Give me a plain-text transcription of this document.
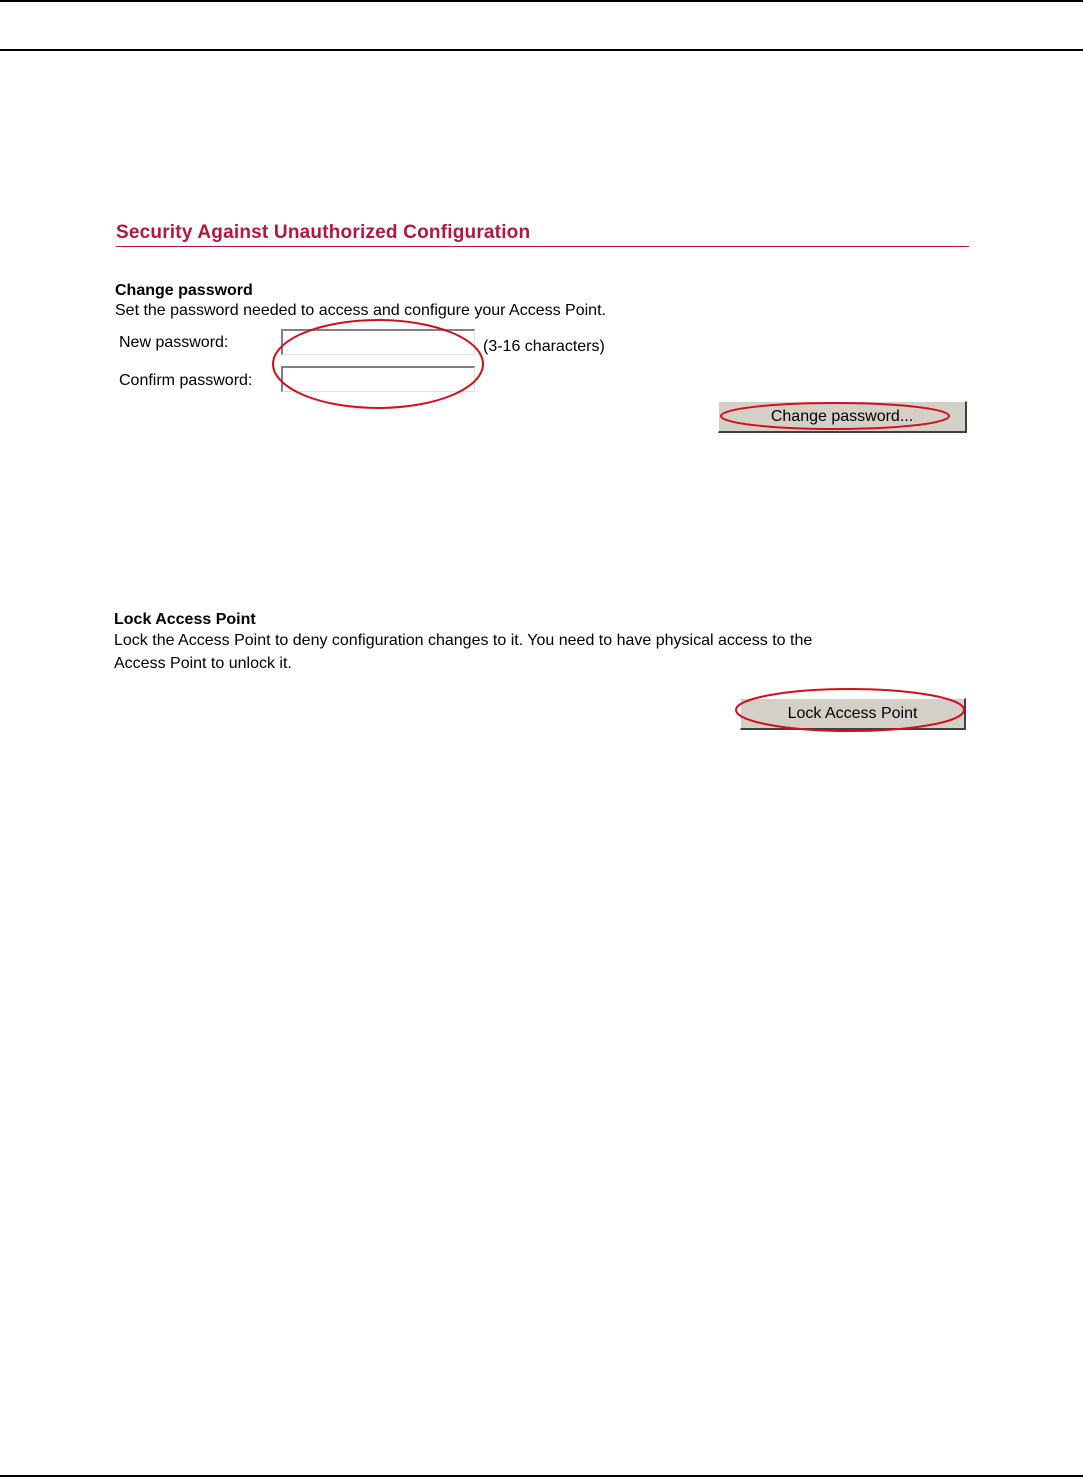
Security Against Unauthorized Configuration
Change password
Set the password needed to access and configure your Access Point.
New password:	(3-16 characters)
Confirm password:
Change password...
Lock Access Point
Lock the Access Point to deny configuration changes to it. You need to have physical access to the
Access Point to unlock it.
Lock Access Point
